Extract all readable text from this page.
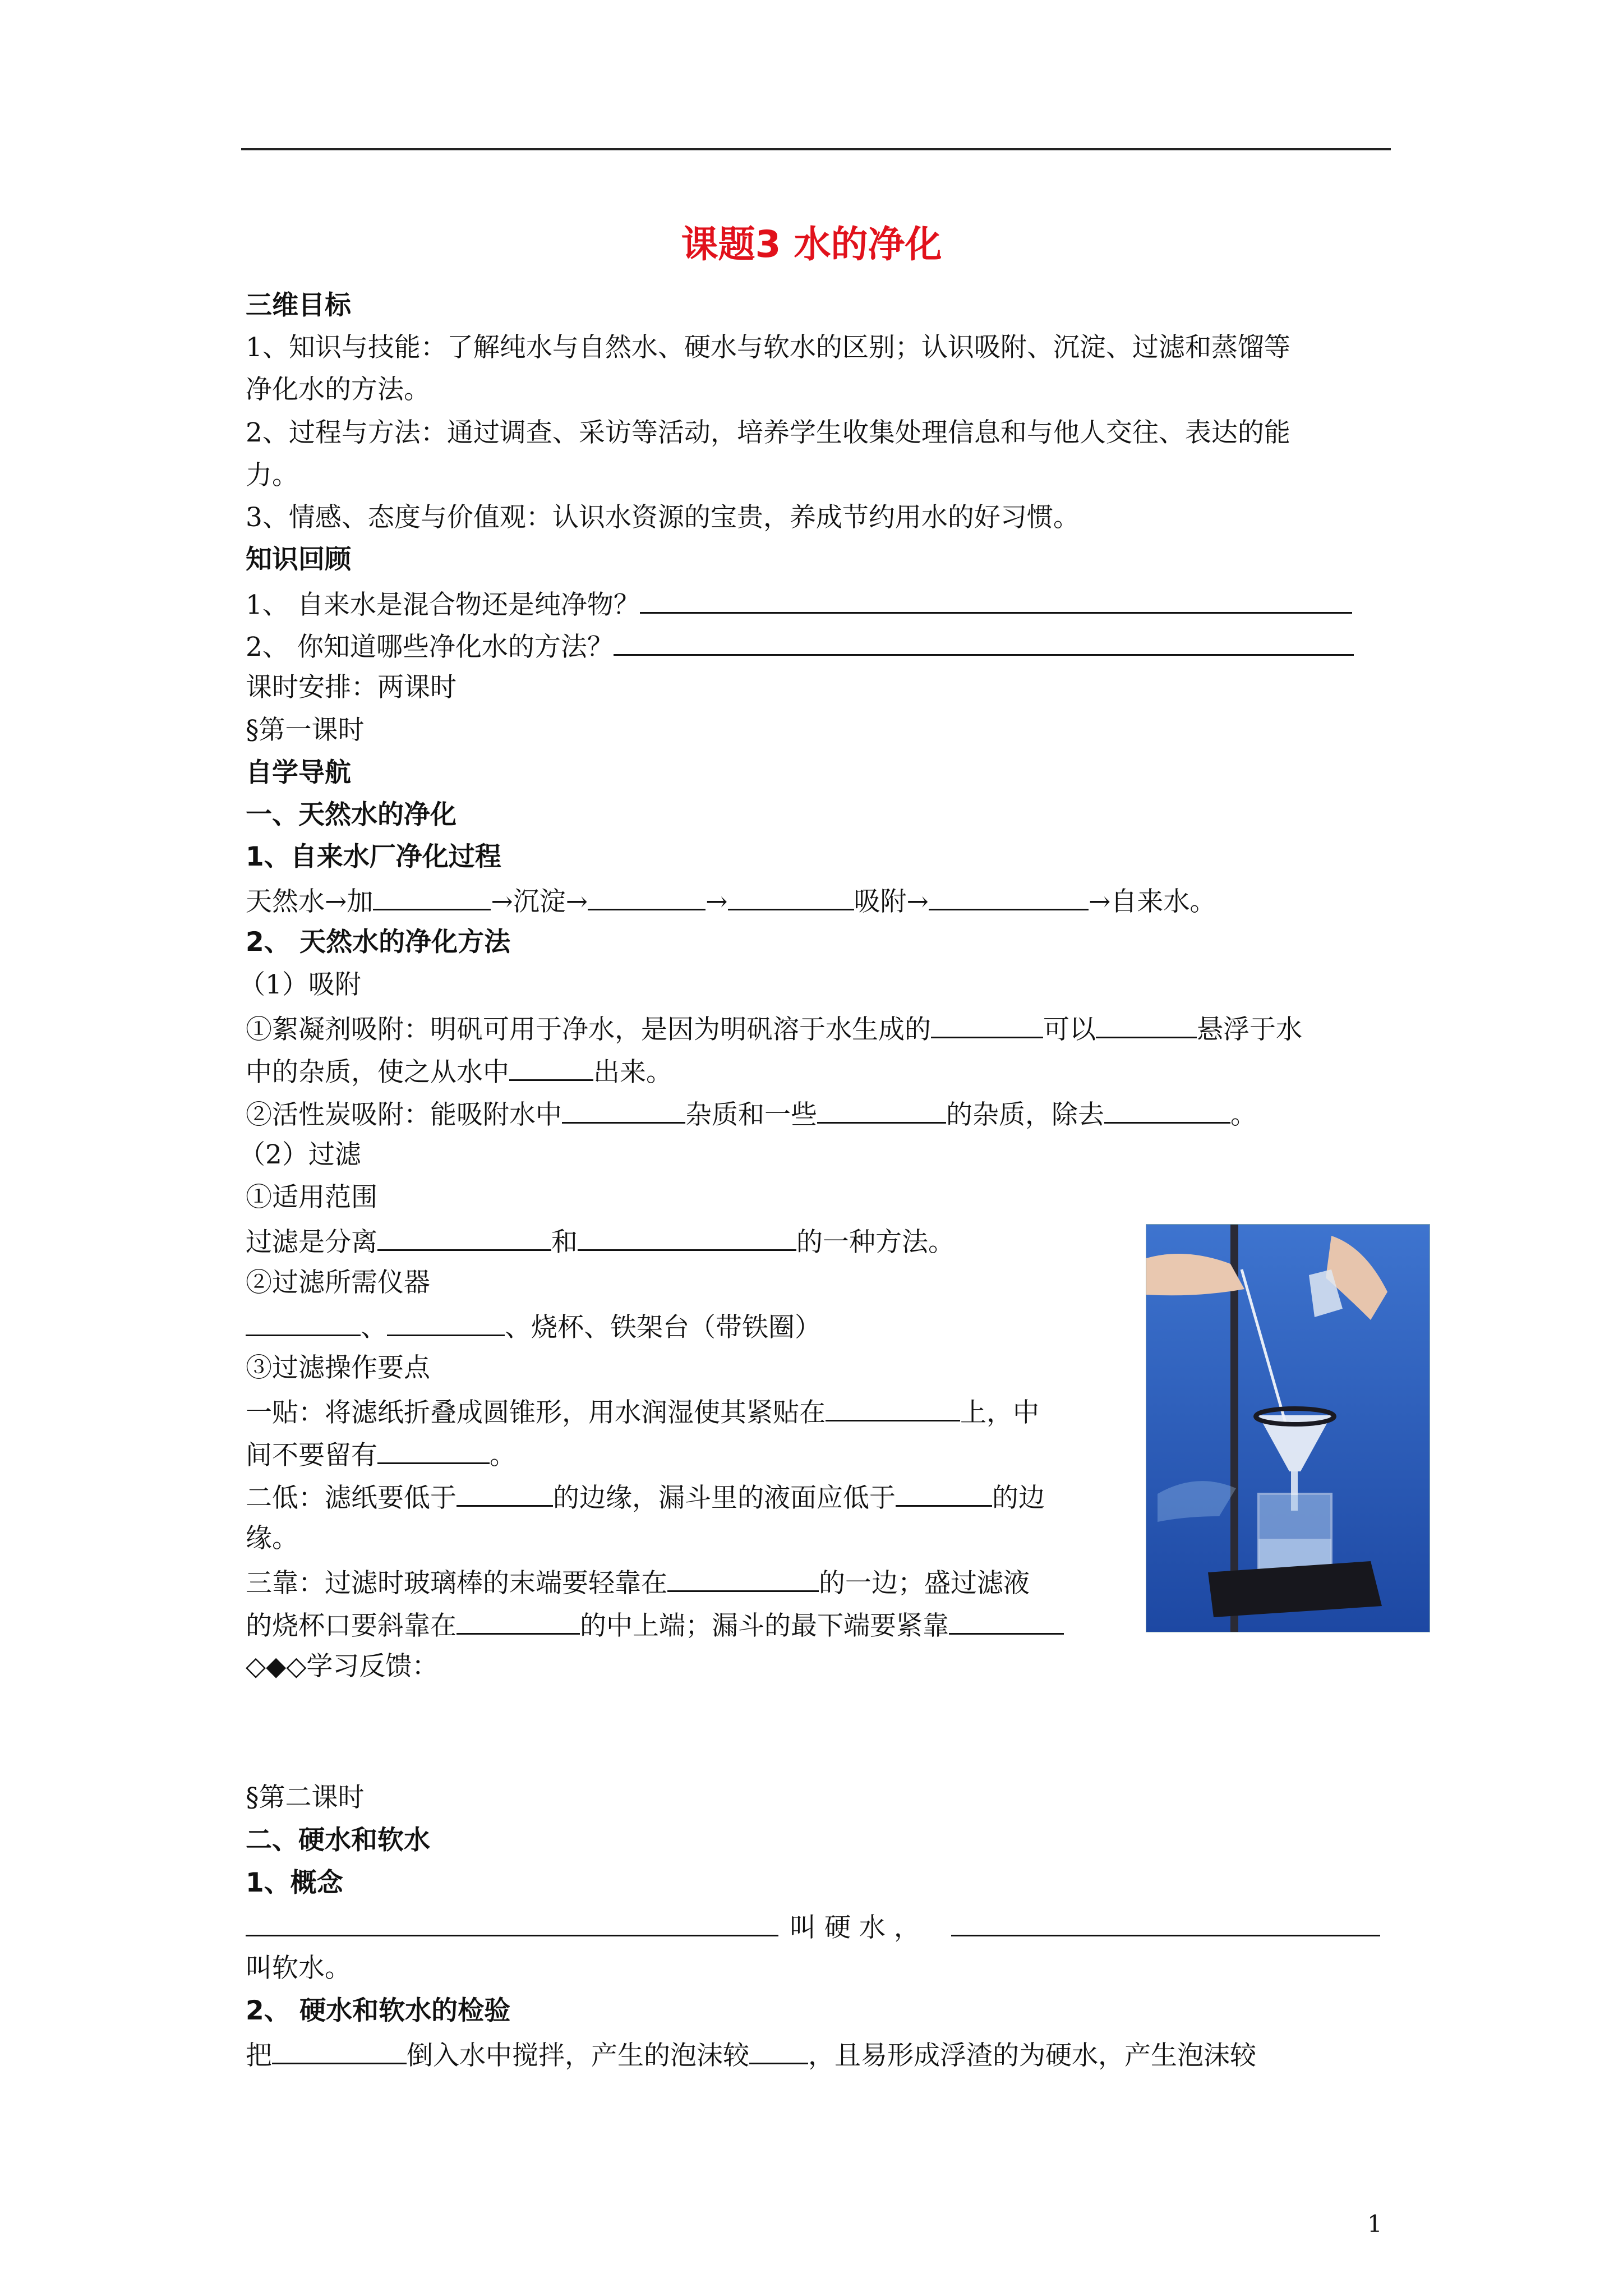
课题3 水的净化
三维目标
1、知识与技能：了解纯水与自然水、硬水与软水的区别；认识吸附、沉淀、过滤和蒸馏等
净化水的方法。
2、过程与方法：通过调查、采访等活动，培养学生收集处理信息和与他人交往、表达的能
力。
3、情感、态度与价值观：认识水资源的宝贵，养成节约用水的好习惯。
知识回顾
1、 自来水是混合物还是纯净物？
2、 你知道哪些净化水的方法？
课时安排：两课时
§第一课时
自学导航
一、天然水的净化
1、自来水厂净化过程
天然水→加	→沉淀→	→	吸附→	→自来水。
2、 天然水的净化方法
（1）吸附
①絮凝剂吸附：明矾可用于净水，是因为明矾溶于水生成的	可以	悬浮于水
中的杂质，使之从水中	出来。
②活性炭吸附：能吸附水中	杂质和一些	的杂质，除去	。
（2）过滤
①适用范围
过滤是分离	和	的一种方法。
②过滤所需仪器
、	、烧杯、铁架台（带铁圈）
③过滤操作要点
一贴：将滤纸折叠成圆锥形，用水润湿使其紧贴在	上，中
间不要留有	。
二低：滤纸要低于	的边缘，漏斗里的液面应低于	的边
缘。
三靠：过滤时玻璃棒的末端要轻靠在	的一边；盛过滤液
的烧杯口要斜靠在	的中上端；漏斗的最下端要紧靠
◇◆◇学习反馈：
§第二课时
二、硬水和软水
1、概念
叫 硬 水 ，
叫软水。
2、 硬水和软水的检验
把	倒入水中搅拌，产生的泡沫较 ，且易形成浮渣的为硬水，产生泡沫较
1
